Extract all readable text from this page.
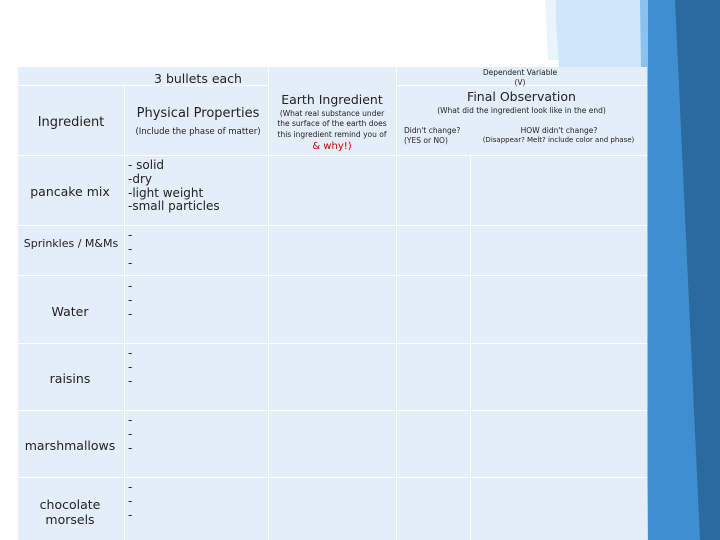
3 bullets each
Ingredient
Physical Properties
(Include the phase of matter)
Earth Ingredient
(What real substance under
the surface of the earth does
this ingredient remind you of
& why!)
Dependent Variable
(V)
Final Observation
(What did the ingredient look like in the end)
Didn't change?
(YES or NO)
HOW didn't change?
(Disappear? Melt? include color and phase)
pancake mix
- solid
-dry
-light weight
-small particles
Sprinkles / M&Ms
-
-
-
Water
-
-
-
raisins
-
-
-
marshmallows
-
-
-
chocolate
morsels
-
-
-
